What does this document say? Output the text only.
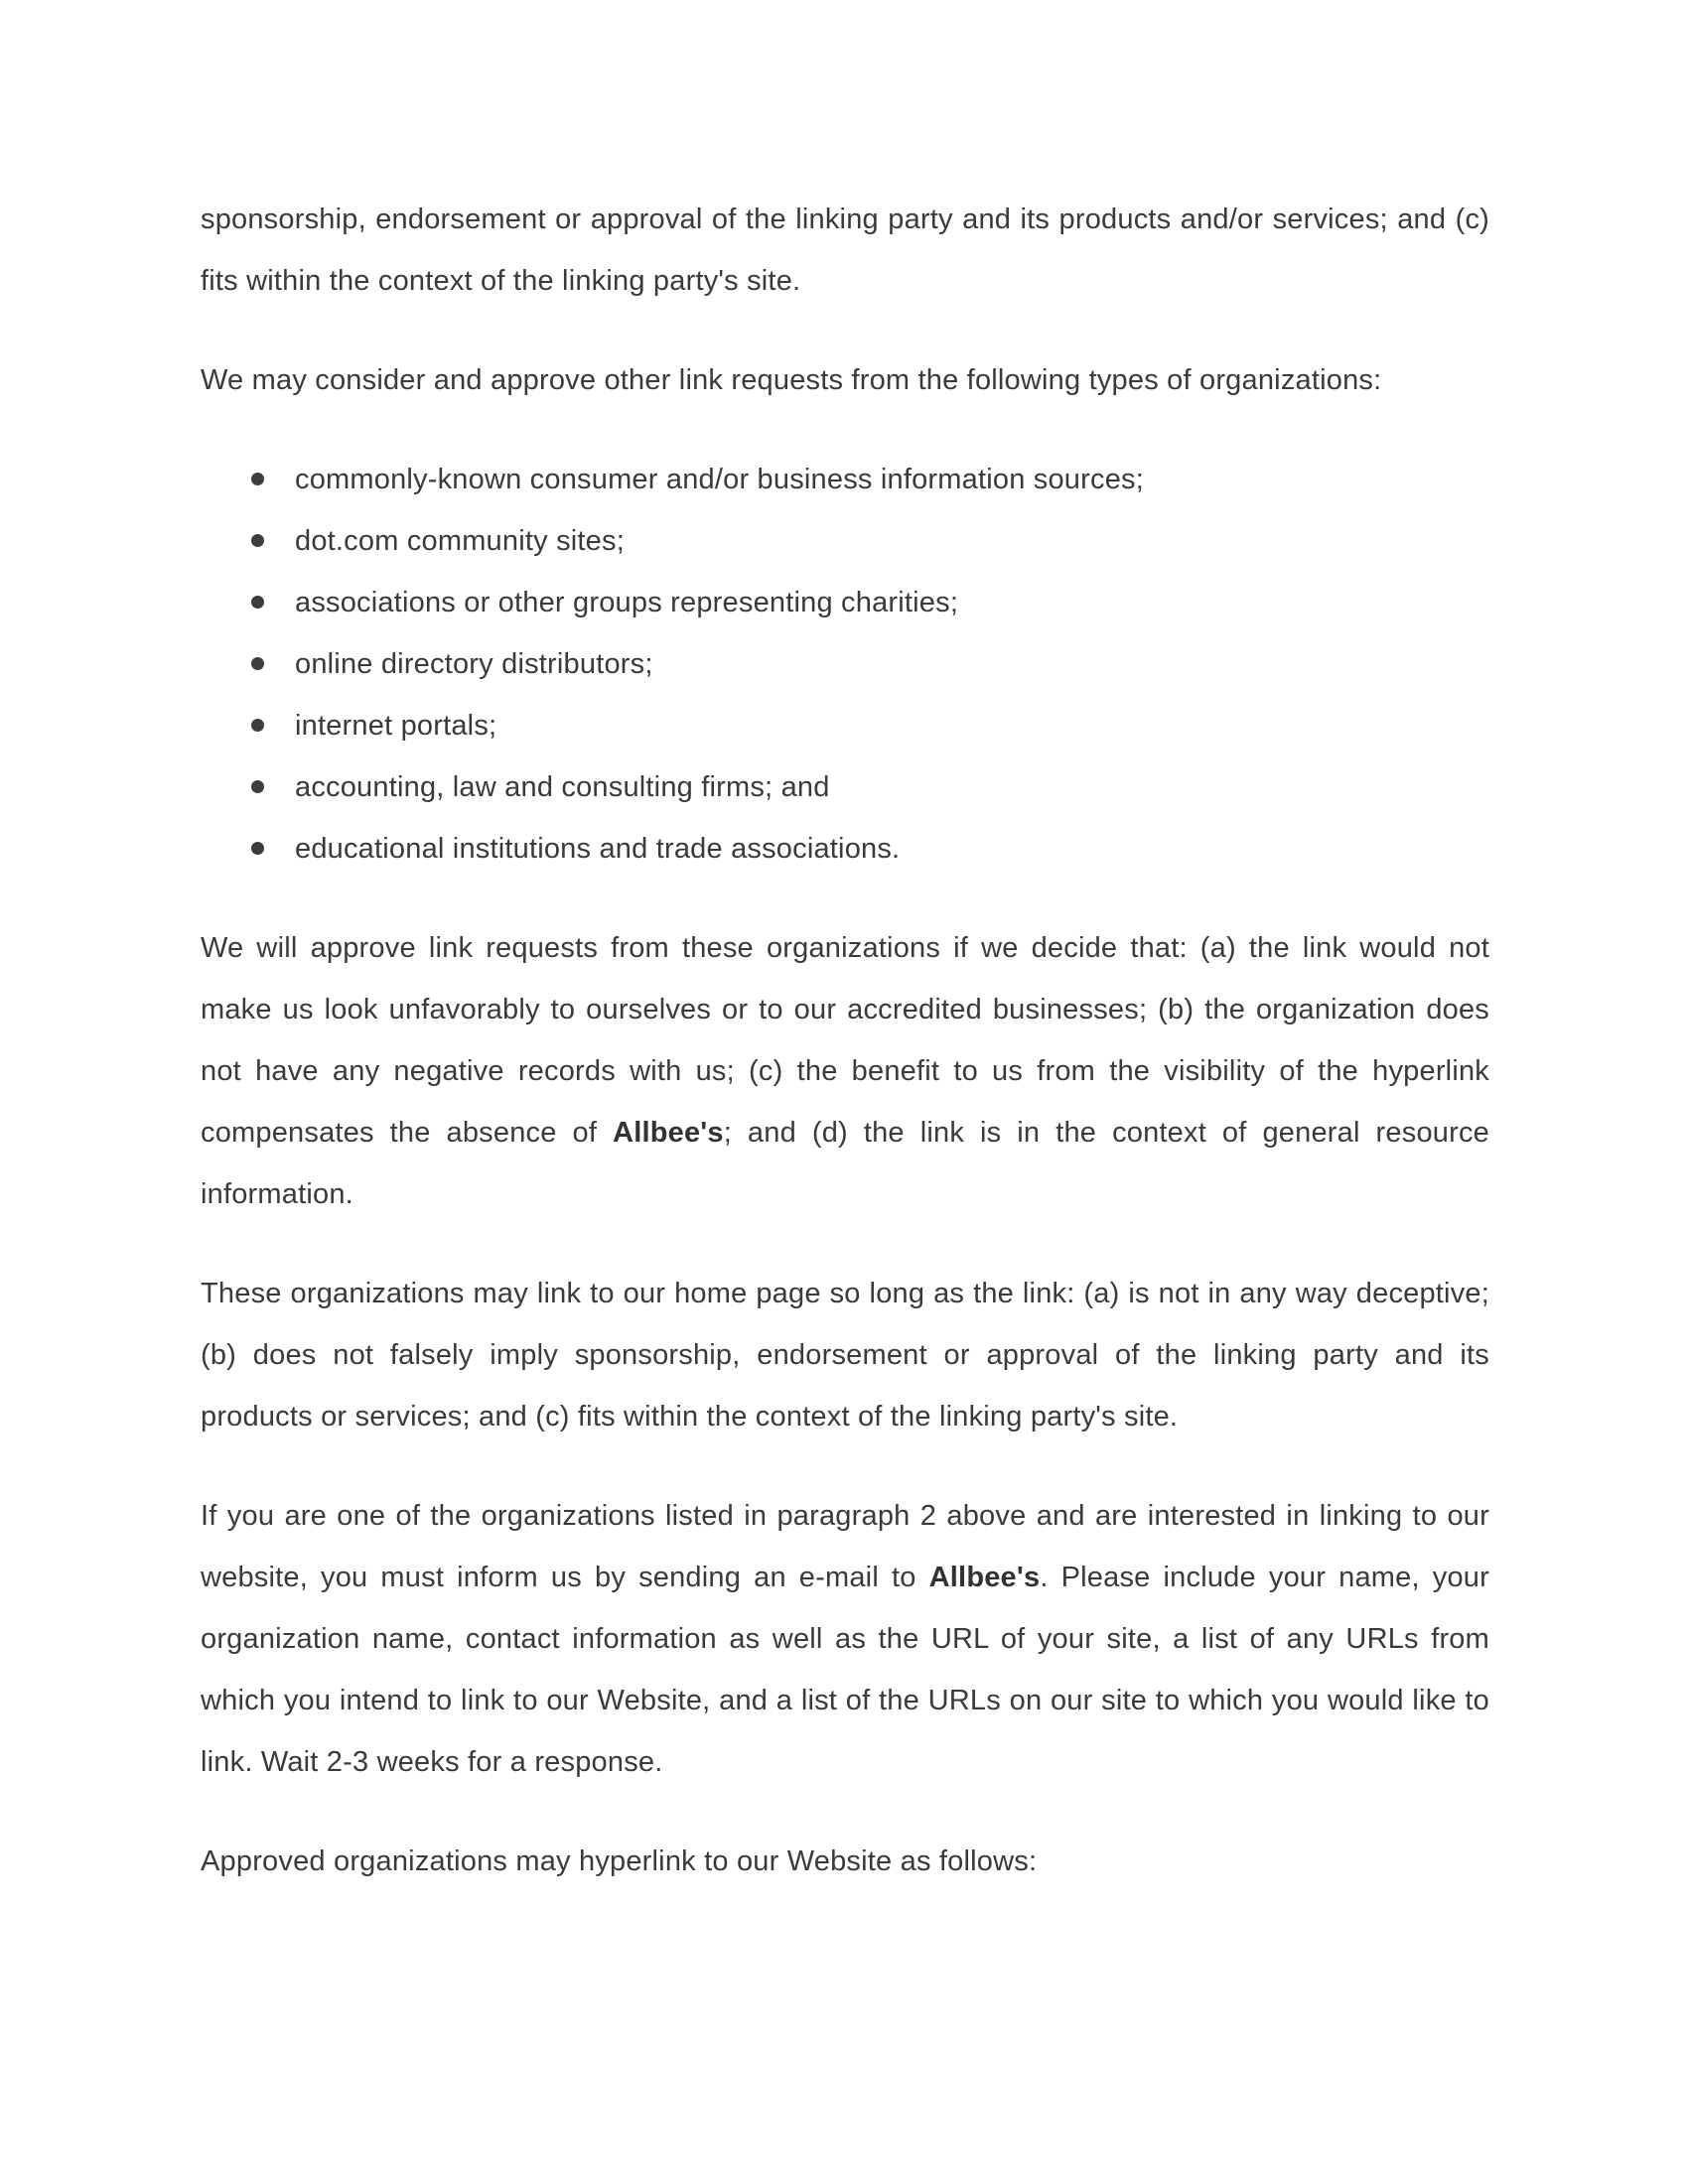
sponsorship, endorsement or approval of the linking party and its products and/or services; and (c) fits within the context of the linking party's site.

We may consider and approve other link requests from the following types of organizations:

commonly-known consumer and/or business information sources;
dot.com community sites;
associations or other groups representing charities;
online directory distributors;
internet portals;
accounting, law and consulting firms; and
educational institutions and trade associations.

We will approve link requests from these organizations if we decide that: (a) the link would not make us look unfavorably to ourselves or to our accredited businesses; (b) the organization does not have any negative records with us; (c) the benefit to us from the visibility of the hyperlink compensates the absence of Allbee's; and (d) the link is in the context of general resource information.

These organizations may link to our home page so long as the link: (a) is not in any way deceptive; (b) does not falsely imply sponsorship, endorsement or approval of the linking party and its products or services; and (c) fits within the context of the linking party's site.

If you are one of the organizations listed in paragraph 2 above and are interested in linking to our website, you must inform us by sending an e-mail to Allbee's. Please include your name, your organization name, contact information as well as the URL of your site, a list of any URLs from which you intend to link to our Website, and a list of the URLs on our site to which you would like to link. Wait 2-3 weeks for a response.

Approved organizations may hyperlink to our Website as follows:
